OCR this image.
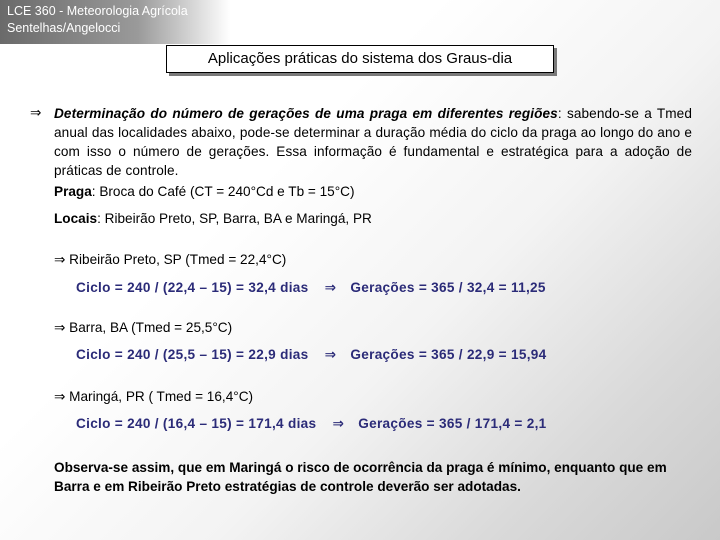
LCE 360 - Meteorologia Agrícola
Sentelhas/Angelocci
Aplicações práticas do sistema dos Graus-dia
⇒ Determinação do número de gerações de uma praga em diferentes regiões: sabendo-se a Tmed anual das localidades abaixo, pode-se determinar a duração média do ciclo da praga ao longo do ano e com isso o número de gerações. Essa informação é fundamental e estratégica para a adoção de práticas de controle.

Praga: Broca do Café (CT = 240°Cd e Tb = 15°C)
Locais: Ribeirão Preto, SP, Barra, BA e Maringá, PR
⇒ Ribeirão Preto, SP (Tmed = 22,4°C)
Ciclo = 240 / (22,4 – 15) = 32,4 dias ⇒ Gerações = 365 / 32,4 = 11,25
⇒ Barra, BA (Tmed = 25,5°C)
Ciclo = 240 / (25,5 – 15) = 22,9 dias ⇒ Gerações = 365 / 22,9 = 15,94
⇒ Maringá, PR ( Tmed = 16,4°C)
Ciclo = 240 / (16,4 – 15) = 171,4 dias ⇒ Gerações = 365 / 171,4 = 2,1
Observa-se assim, que em Maringá o risco de ocorrência da praga é mínimo, enquanto que em Barra e em Ribeirão Preto estratégias de controle deverão ser adotadas.
